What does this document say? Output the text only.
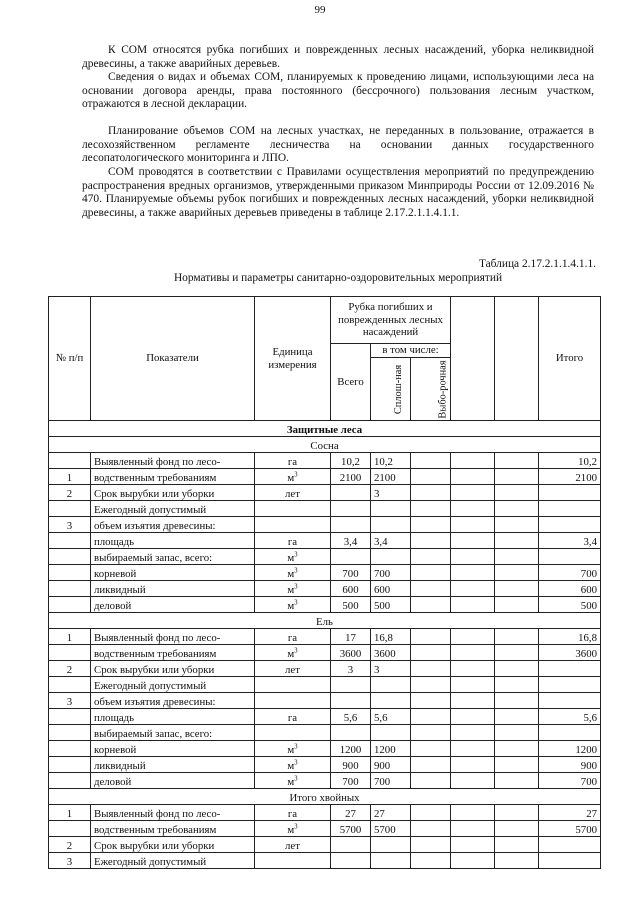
99

К СОМ относятся рубка погибших и поврежденных лесных насаждений, уборка неликвидной древесины, а также аварийных деревьев.

Сведения о видах и объемах СОМ, планируемых к проведению лицами, использующими леса на основании договора аренды, права постоянного (бессрочного) пользования лесным участком, отражаются в лесной декларации.

Планирование объемов СОМ на лесных участках, не переданных в пользование, отражается в лесохозяйственном регламенте лесничества на основании данных государственного лесопатологического мониторинга и ЛПО.

СОМ проводятся в соответствии с Правилами осуществления мероприятий по предупреждению распространения вредных организмов, утвержденными приказом Минприроды России от 12.09.2016 № 470. Планируемые объемы рубок погибших и поврежденных лесных насаждений, уборки неликвидной древесины, а также аварийных деревьев приведены в таблице 2.17.2.1.1.4.1.1.

Таблица 2.17.2.1.1.4.1.1.
Нормативы и параметры санитарно-оздоровительных мероприятий
№ п/п	Показатели	Единица измерения	Рубка погибших и поврежденных лесных насаждений					Итого
			Всего	в том числе:				
				Сплош-ная	Выбо-рочная			
Защитные леса								
Сосна								
	Выявленный фонд по лесо-	га	10,2	10,2				10,2
1	водственным требованиям	$м^3$	2100	2100				2100
2	Срок вырубки или уборки	лет		3				
	Ежегодный допустимый							
3	объем изъятия древесины:							
	площадь	га	3,4	3,4				3,4
	выбираемый запас, всего:	$м^3$						
	корневой	$м^3$	700	700				700
	ликвидный	$м^3$	600	600				600
	деловой	$м^3$	500	500				500
Ель								
1	Выявленный фонд по лесо-	га	17	16,8				16,8
	водственным требованиям	$м^3$	3600	3600				3600
2	Срок вырубки или уборки	лет	3	3				
	Ежегодный допустимый							
3	объем изъятия древесины:							
	площадь	га	5,6	5,6				5,6
	выбираемый запас, всего:							
	корневой	$м^3$	1200	1200				1200
	ликвидный	$м^3$	900	900				900
	деловой	$м^3$	700	700				700
Итого хвойных								
1	Выявленный фонд по лесо-	га	27	27				27
	водственным требованиям	$м^3$	5700	5700				5700
2	Срок вырубки или уборки	лет						
3	Ежегодный допустимый							
